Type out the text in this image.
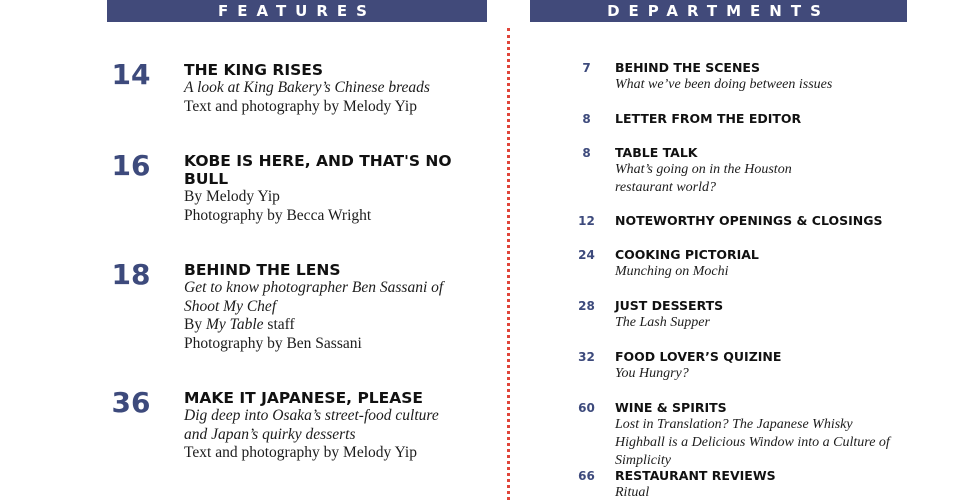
FEATURES	DEPARTMENTS
14 THE KING RISES
A look at King Bakery’s Chinese breads
Text and photography by Melody Yip
16 KOBE IS HERE, AND THAT'S NO BULL
By Melody Yip
Photography by Becca Wright
18 BEHIND THE LENS
Get to know photographer Ben Sassani of Shoot My Chef
By My Table staff
Photography by Ben Sassani
36 MAKE IT JAPANESE, PLEASE
Dig deep into Osaka’s street-food culture and Japan’s quirky desserts
Text and photography by Melody Yip
7	BEHIND THE SCENES
What we’ve been doing between issues
8	LETTER FROM THE EDITOR
8	TABLE TALK
What’s going on in the Houston restaurant world?
12	NOTEWORTHY OPENINGS & CLOSINGS
24	COOKING PICTORIAL
Munching on Mochi
28	JUST DESSERTS
The Lash Supper
32	FOOD LOVER’S QUIZINE
You Hungry?
60	WINE & SPIRITS
Lost in Translation? The Japanese Whisky Highball is a Delicious Window into a Culture of Simplicity
66	RESTAURANT REVIEWS
Ritual
